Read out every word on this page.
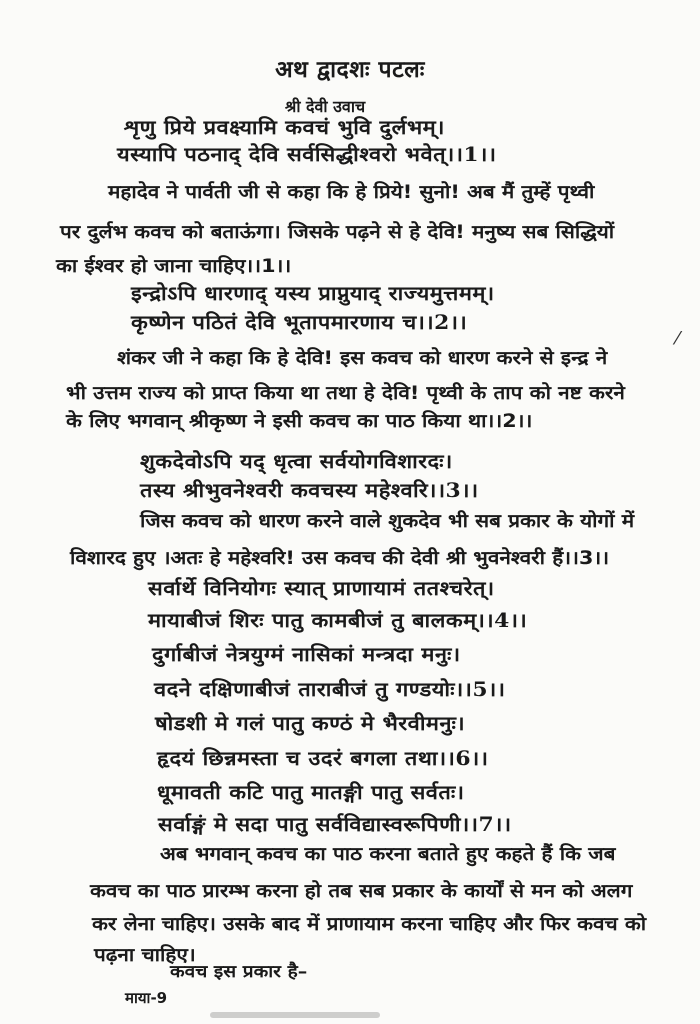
अथ द्वादशः पटलः
श्री देवी उवाच
शृणु प्रिये प्रवक्ष्यामि कवचं भुवि दुर्लभम्।
यस्यापि पठनाद् देवि सर्वसिद्धीश्वरो भवेत्।।1।।
महादेव ने पार्वती जी से कहा कि हे प्रिये! सुनो! अब मैं तुम्हें पृथ्वी
पर दुर्लभ कवच को बताऊंगा। जिसके पढ़ने से हे देवि! मनुष्य सब सिद्धियों
का ईश्वर हो जाना चाहिए।।1।।
इन्द्रोऽपि धारणाद् यस्य प्राप्नुयाद् राज्यमुत्तमम्।
कृष्णेन पठितं देवि भूतापमारणाय च।।2।।
शंकर जी ने कहा कि हे देवि! इस कवच को धारण करने से इन्द्र ने
भी उत्तम राज्य को प्राप्त किया था तथा हे देवि! पृथ्वी के ताप को नष्ट करने
के लिए भगवान् श्रीकृष्ण ने इसी कवच का पाठ किया था।।2।।
शुकदेवोऽपि यद् धृत्वा सर्वयोगविशारदः।
तस्य श्रीभुवनेश्वरी कवचस्य महेश्वरि।।3।।
जिस कवच को धारण करने वाले शुकदेव भी सब प्रकार के योगों में
विशारद हुए ।अतः हे महेश्वरि! उस कवच की देवी श्री भुवनेश्वरी हैं।।3।।
सर्वार्थे विनियोगः स्यात् प्राणायामं ततश्चरेत्।
मायाबीजं शिरः पातु कामबीजं तु बालकम्।।4।।
दुर्गाबीजं नेत्रयुग्मं नासिकां मन्त्रदा मनुः।
वदने दक्षिणाबीजं ताराबीजं तु गण्डयोः।।5।।
षोडशी मे गलं पातु कण्ठं मे भैरवीमनुः।
हृदयं छिन्नमस्ता च उदरं बगला तथा।।6।।
धूमावती कटि पातु मातङ्गी पातु सर्वतः।
सर्वाङ्गं मे सदा पातु सर्वविद्यास्वरूपिणी।।7।।
अब भगवान् कवच का पाठ करना बताते हुए कहते हैं कि जब
कवच का पाठ प्रारम्भ करना हो तब सब प्रकार के कार्यों से मन को अलग
कर लेना चाहिए। उसके बाद में प्राणायाम करना चाहिए और फिर कवच को
पढ़ना चाहिए।
कवच इस प्रकार है–
माया-9
⁄
